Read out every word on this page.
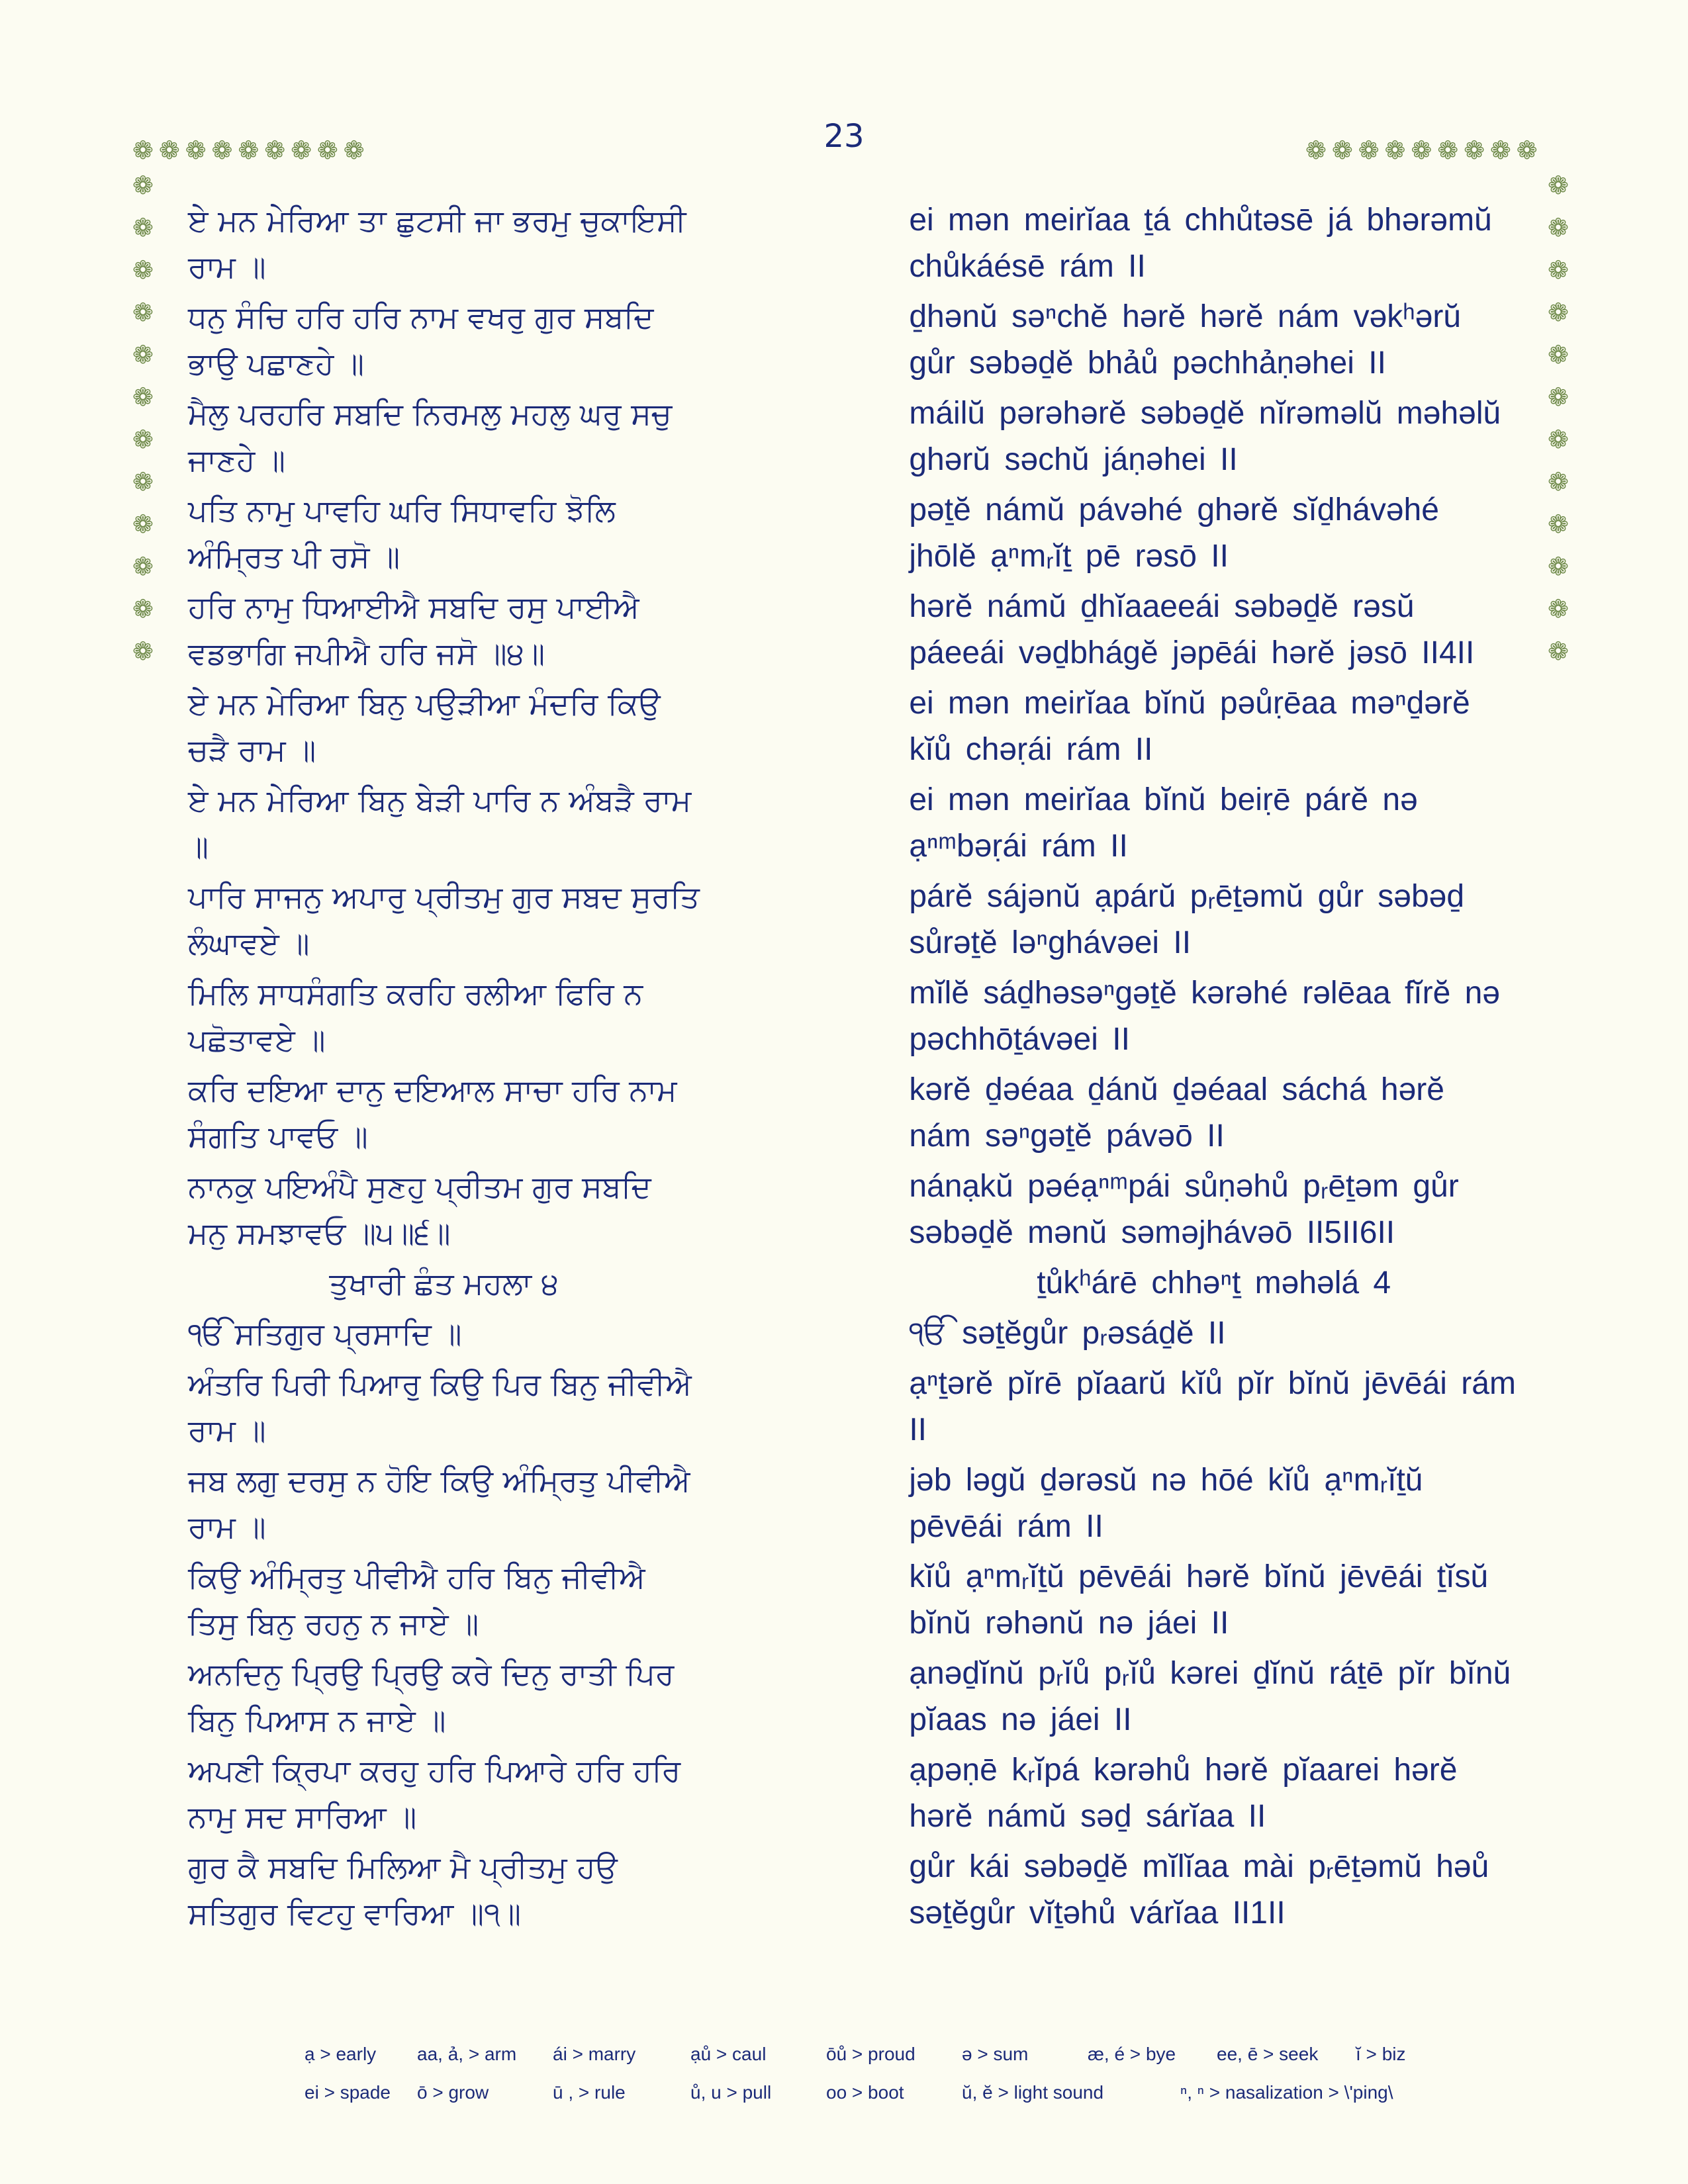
23
❁ ❁ ❁ ❁ ❁ ❁ ❁ ❁ ❁	❁ ❁ ❁ ❁ ❁ ❁ ❁ ❁ ❁
❁
❁
❁
❁
❁
❁
❁
❁
❁
❁
❁
❁
❁
❁
❁
❁
❁
❁
❁
❁
❁
❁
❁
❁
ਏ ਮਨ ਮੇਰਿਆ ਤਾ ਛੁਟਸੀ ਜਾ ਭਰਮੁ ਚੁਕਾਇਸੀ ਰਾਮ ॥
ei mən meirĭaa ṯá chhůtəsē já bhərəmŭ chůkáésē rám II
ਧਨੁ ਸੰਚਿ ਹਰਿ ਹਰਿ ਨਾਮ ਵਖਰੁ ਗੁਰ ਸਬਦਿ ਭਾਉ ਪਛਾਣਹੇ ॥
ḏhənŭ səⁿchĕ hərĕ hərĕ nám vəkʰərŭ gůr səbəḏĕ bhảů pəchhảṇəhei II
ਮੈਲੁ ਪਰਹਰਿ ਸਬਦਿ ਨਿਰਮਲੁ ਮਹਲੁ ਘਰੁ ਸਚੁ ਜਾਣਹੇ ॥
máilŭ pərəhərĕ səbəḏĕ nĭrəməlŭ məhəlŭ ghərŭ səchŭ jáṇəhei II
ਪਤਿ ਨਾਮੁ ਪਾਵਹਿ ਘਰਿ ਸਿਧਾਵਹਿ ਝੋਲਿ ਅੰਮ੍ਰਿਤ ਪੀ ਰਸੋ ॥
pəṯĕ námŭ pávəhé ghərĕ sĭḏhávəhé jhōlĕ ạⁿmᵣĭṯ pē rəsō II
ਹਰਿ ਨਾਮੁ ਧਿਆਈਐ ਸਬਦਿ ਰਸੁ ਪਾਈਐ ਵਡਭਾਗਿ ਜਪੀਐ ਹਰਿ ਜਸੋ ॥੪॥
hərĕ námŭ ḏhĭaaeeái səbəḏĕ rəsŭ páeeái vəḏbhágĕ jəpēái hərĕ jəsō II4II
ਏ ਮਨ ਮੇਰਿਆ ਬਿਨੁ ਪਉੜੀਆ ਮੰਦਰਿ ਕਿਉ ਚੜੈ ਰਾਮ ॥
ei mən meirĭaa bĭnŭ pəůṛēaa məⁿḏərĕ kĭů chəṛái rám II
ਏ ਮਨ ਮੇਰਿਆ ਬਿਨੁ ਬੇੜੀ ਪਾਰਿ ਨ ਅੰਬੜੈ ਰਾਮ ॥
ei mən meirĭaa bĭnŭ beiṛē párĕ nə ạⁿᵐbəṛái rám II
ਪਾਰਿ ਸਾਜਨੁ ਅਪਾਰੁ ਪ੍ਰੀਤਮੁ ਗੁਰ ਸਬਦ ਸੁਰਤਿ ਲੰਘਾਵਏ ॥
párĕ sájənŭ ạpárŭ pᵣēṯəmŭ gůr səbəḏ sůrəṯĕ ləⁿghávəei II
ਮਿਲਿ ਸਾਧਸੰਗਤਿ ਕਰਹਿ ਰਲੀਆ ਫਿਰਿ ਨ ਪਛੋਤਾਵਏ ॥
mĭlĕ sáḏhəsəⁿgəṯĕ kərəhé rəlēaa fĭrĕ nə pəchhōṯávəei II
ਕਰਿ ਦਇਆ ਦਾਨੁ ਦਇਆਲ ਸਾਚਾ ਹਰਿ ਨਾਮ ਸੰਗਤਿ ਪਾਵਓ ॥
kərĕ ḏəéaa ḏánŭ ḏəéaal sáchá hərĕ nám səⁿgəṯĕ pávəō II
ਨਾਨਕੁ ਪਇਅੰਪੈ ਸੁਣਹੁ ਪ੍ਰੀਤਮ ਗੁਰ ਸਬਦਿ ਮਨੁ ਸਮਝਾਵਓ ॥੫॥੬॥
nánạkŭ pəéạⁿᵐpái sůṇəhů pᵣēṯəm gůr səbəḏĕ mənŭ səməjhávəō II5II6II
ਤੁਖਾਰੀ ਛੰਤ ਮਹਲਾ ੪	ṯůkʰárē chhəⁿṯ məhəlá 4
ੴ ਸਤਿਗੁਰ ਪ੍ਰਸਾਦਿ ॥	ੴ səṯĕgůr pᵣəsáḏĕ II
ਅੰਤਰਿ ਪਿਰੀ ਪਿਆਰੁ ਕਿਉ ਪਿਰ ਬਿਨੁ ਜੀਵੀਐ ਰਾਮ ॥
ạⁿṯərĕ pĭrē pĭaarŭ kĭů pĭr bĭnŭ jēvēái rám II
ਜਬ ਲਗੁ ਦਰਸੁ ਨ ਹੋਇ ਕਿਉ ਅੰਮ੍ਰਿਤੁ ਪੀਵੀਐ ਰਾਮ ॥
jəb ləgŭ ḏərəsŭ nə hōé kĭů ạⁿmᵣĭṯŭ pēvēái rám II
ਕਿਉ ਅੰਮ੍ਰਿਤੁ ਪੀਵੀਐ ਹਰਿ ਬਿਨੁ ਜੀਵੀਐ ਤਿਸੁ ਬਿਨੁ ਰਹਨੁ ਨ ਜਾਏ ॥
kĭů ạⁿmᵣĭṯŭ pēvēái hərĕ bĭnŭ jēvēái ṯĭsŭ bĭnŭ rəhənŭ nə jáei II
ਅਨਦਿਨੁ ਪ੍ਰਿਉ ਪ੍ਰਿਉ ਕਰੇ ਦਿਨੁ ਰਾਤੀ ਪਿਰ ਬਿਨੁ ਪਿਆਸ ਨ ਜਾਏ ॥
ạnəḏĭnŭ pᵣĭů pᵣĭů kərei ḏĭnŭ ráṯē pĭr bĭnŭ pĭaas nə jáei II
ਅਪਣੀ ਕ੍ਰਿਪਾ ਕਰਹੁ ਹਰਿ ਪਿਆਰੇ ਹਰਿ ਹਰਿ ਨਾਮੁ ਸਦ ਸਾਰਿਆ ॥
ạpəṇē kᵣĭpá kərəhů hərĕ pĭaarei hərĕ hərĕ námŭ səḏ sárĭaa II
ਗੁਰ ਕੈ ਸਬਦਿ ਮਿਲਿਆ ਮੈ ਪ੍ਰੀਤਮੁ ਹਉ ਸਤਿਗੁਰ ਵਿਟਹੁ ਵਾਰਿਆ ॥੧॥
gůr kái səbəḏĕ mĭlĭaa mài pᵣēṯəmŭ həů səṯĕgůr vĭṯəhů várĭaa II1II
ạ > early	aa, ả, > arm	ái > marry	ạů > caul	ōů > proud	ə > sum	æ, é > bye	ee, ē > seek	ĭ > biz
ei > spade	ō > grow	ū , > rule	ů, u > pull	oo > boot	ŭ, ĕ > light sound	ⁿ, ⁿ > nasalization > \'ping\
